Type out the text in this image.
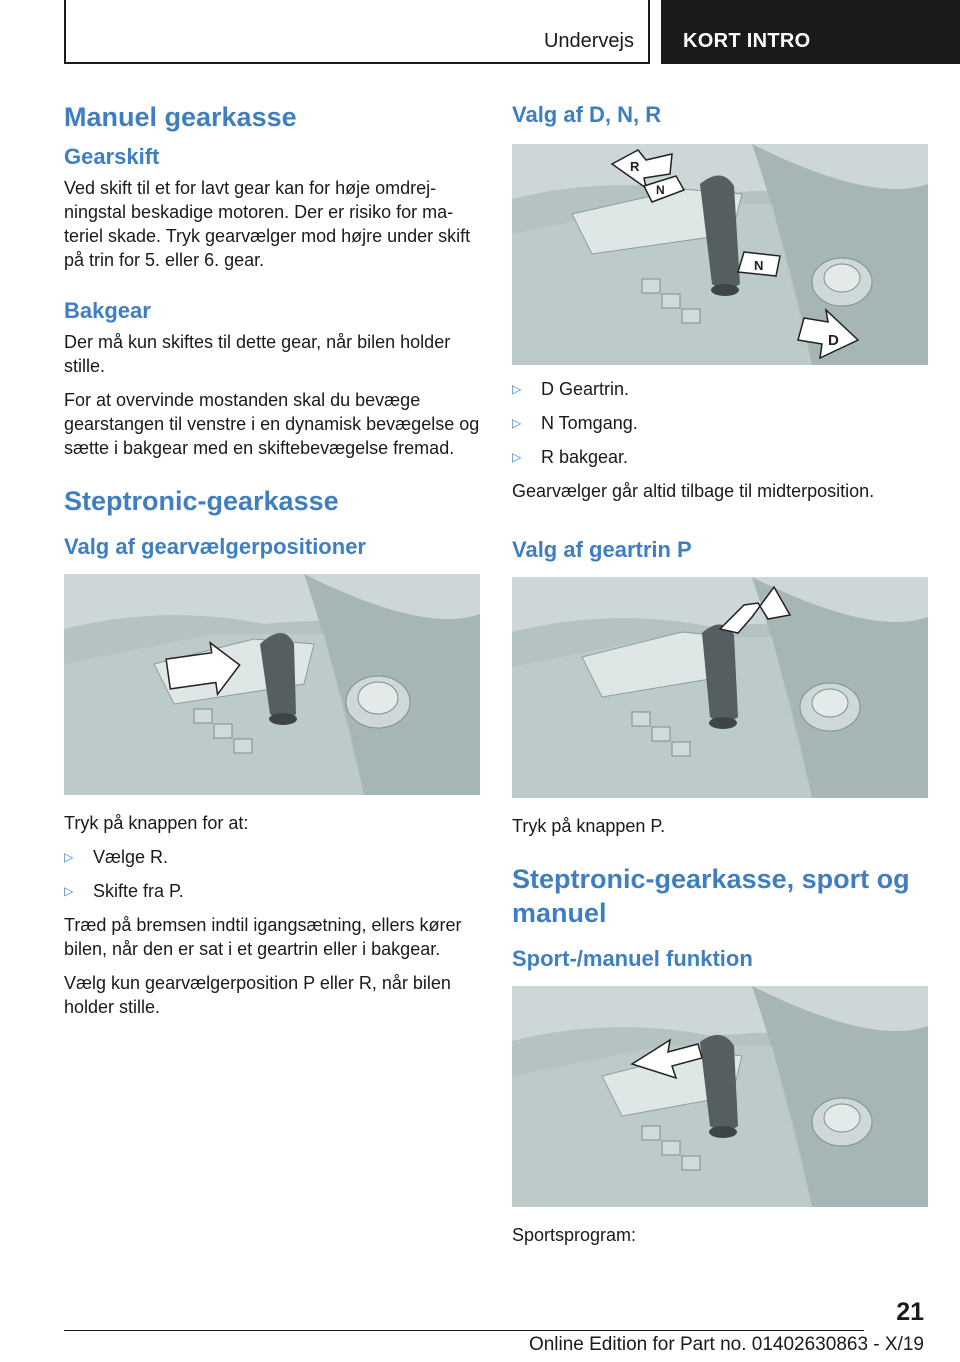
Undervejs	KORT INTRO
Manuel gearkasse
Gearskift

Ved skift til et for lavt gear kan for høje omdrejningstal beskadige motoren. Der er risiko for materiel skade. Tryk gearvælger mod højre under skift på trin for 5. eller 6. gear.

Bakgear

Der må kun skiftes til dette gear, når bilen holder stille.

For at overvinde mostanden skal du bevæge gearstangen til venstre i en dynamisk bevægelse og sætte i bakgear med en skiftebevægelse fremad.

Steptronic-gearkasse
Valg af gearvælgerpositioner

Tryk på knappen for at:

▷	Vælge R.
▷	Skifte fra P.

Træd på bremsen indtil igangsætning, ellers kører bilen, når den er sat i et geartrin eller i bakgear.

Vælg kun gearvælgerposition P eller R, når bilen holder stille.

Valg af D, N, R
R
N
N
D
▷	D Geartrin.
▷	N Tomgang.
▷	R bakgear.

Gearvælger går altid tilbage til midterposition.

Valg af geartrin P

Tryk på knappen P.

Steptronic-gearkasse, sport og manuel
Sport-/manuel funktion

Sportsprogram:

21
Online Edition for Part no. 01402630863 - X/19
